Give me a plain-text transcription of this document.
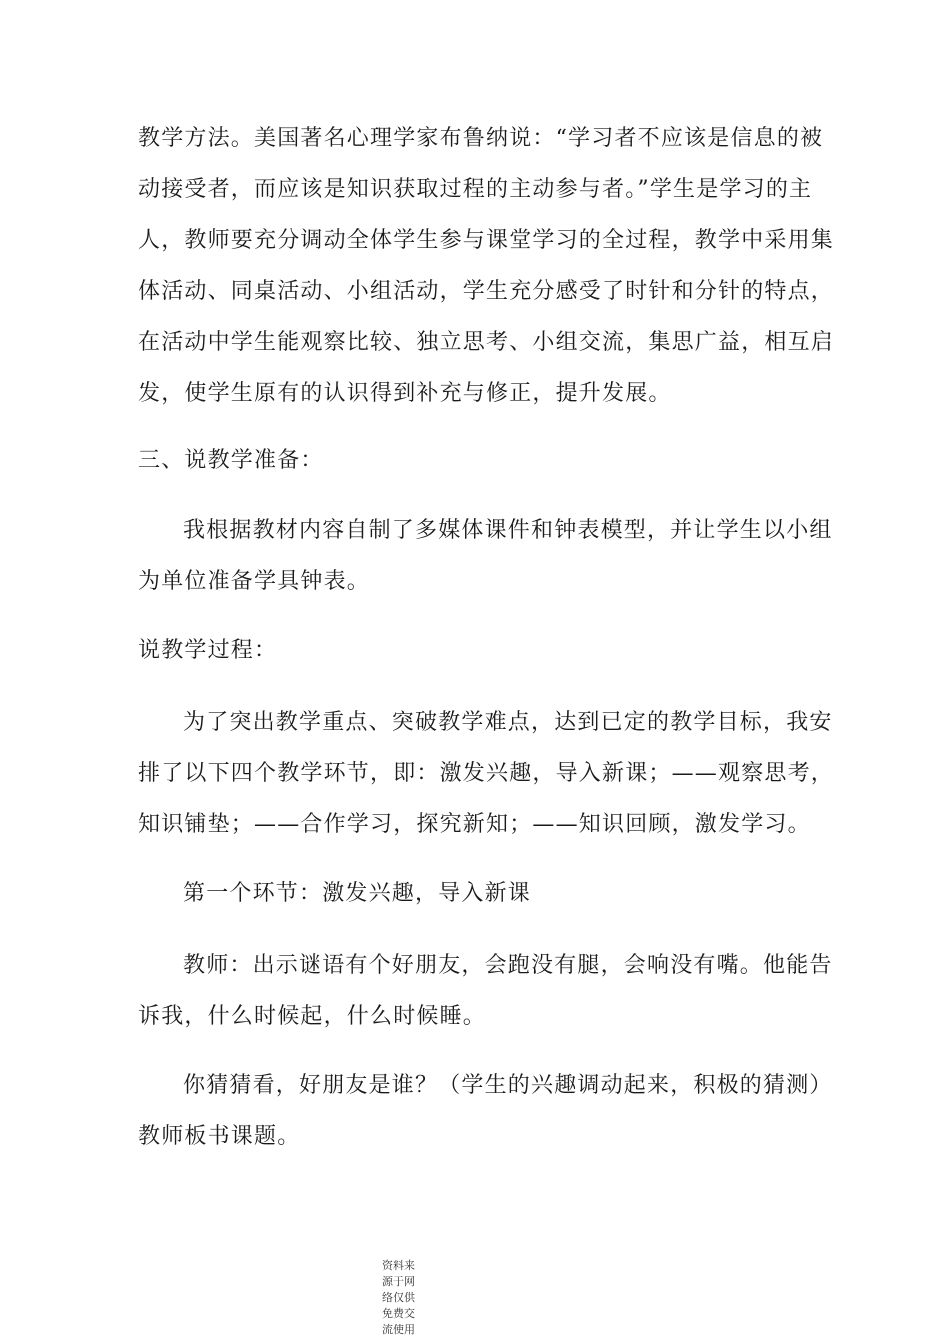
教学方法。美国著名心理学家布鲁纳说：“学习者不应该是信息的被
动接受者，而应该是知识获取过程的主动参与者。”学生是学习的主
人，教师要充分调动全体学生参与课堂学习的全过程，教学中采用集
体活动、同桌活动、小组活动，学生充分感受了时针和分针的特点，
在活动中学生能观察比较、独立思考、小组交流，集思广益，相互启
发，使学生原有的认识得到补充与修正，提升发展。

三、说教学准备：

我根据教材内容自制了多媒体课件和钟表模型，并让学生以小组
为单位准备学具钟表。

说教学过程：

为了突出教学重点、突破教学难点，达到已定的教学目标，我安
排了以下四个教学环节，即：激发兴趣，导入新课；——观察思考，
知识铺垫；——合作学习，探究新知；——知识回顾，激发学习。

第一个环节：激发兴趣，导入新课

教师：出示谜语有个好朋友，会跑没有腿，会响没有嘴。他能告
诉我，什么时候起，什么时候睡。

你猜猜看，好朋友是谁？（学生的兴趣调动起来，积极的猜测）
教师板书课题。

资料来
源于网
络仅供
免费交
流使用
